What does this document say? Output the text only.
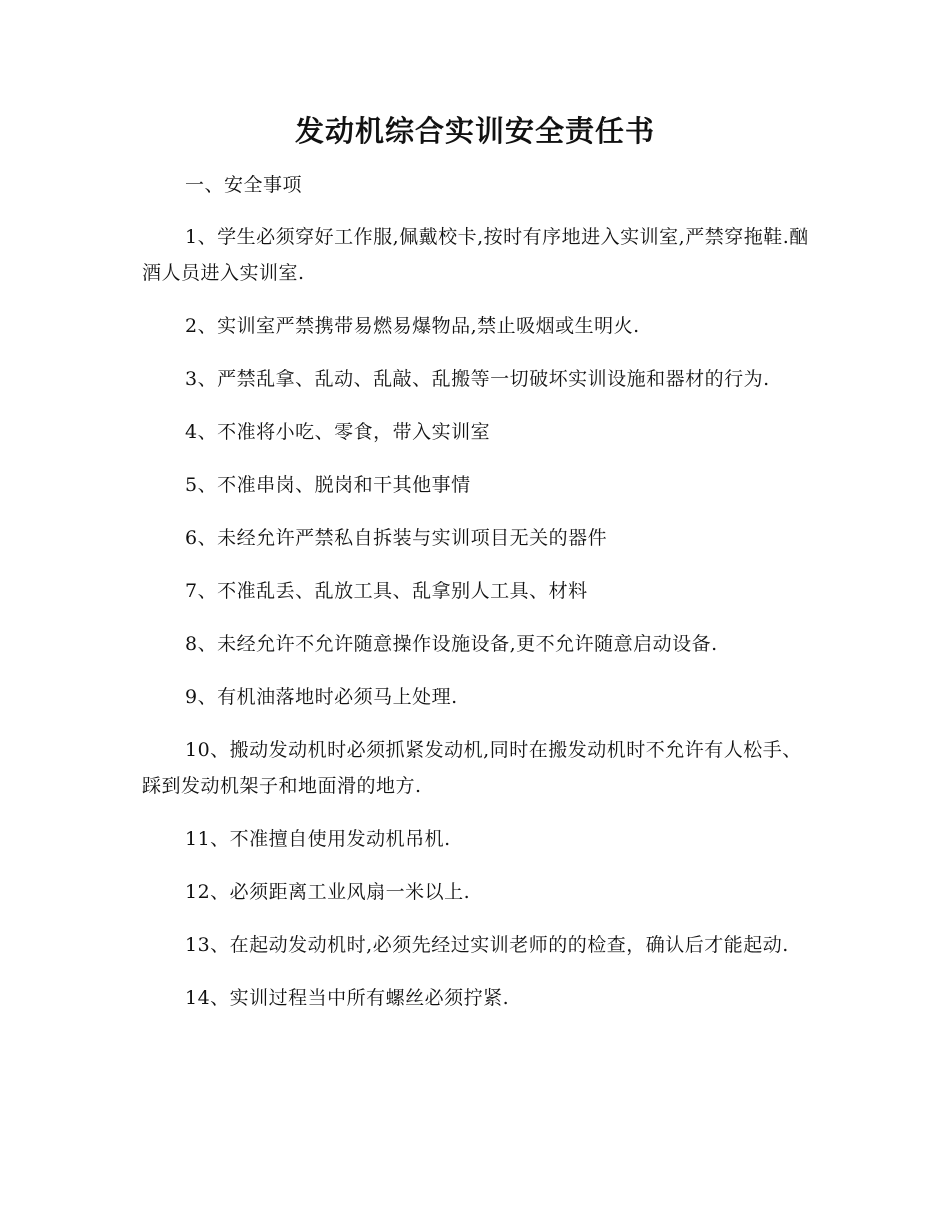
发动机综合实训安全责任书

一、安全事项

1、学生必须穿好工作服,佩戴校卡,按时有序地进入实训室,严禁穿拖鞋.酗酒人员进入实训室.

2、实训室严禁携带易燃易爆物品,禁止吸烟或生明火.

3、严禁乱拿、乱动、乱敲、乱搬等一切破坏实训设施和器材的行为.

4、不准将小吃、零食，带入实训室

5、不准串岗、脱岗和干其他事情

6、未经允许严禁私自拆装与实训项目无关的器件

7、不准乱丢、乱放工具、乱拿别人工具、材料

8、未经允许不允许随意操作设施设备,更不允许随意启动设备.

9、有机油落地时必须马上处理.

10、搬动发动机时必须抓紧发动机,同时在搬发动机时不允许有人松手、踩到发动机架子和地面滑的地方.

11、不准擅自使用发动机吊机.

12、必须距离工业风扇一米以上.

13、在起动发动机时,必须先经过实训老师的的检查，确认后才能起动.

14、实训过程当中所有螺丝必须拧紧.
